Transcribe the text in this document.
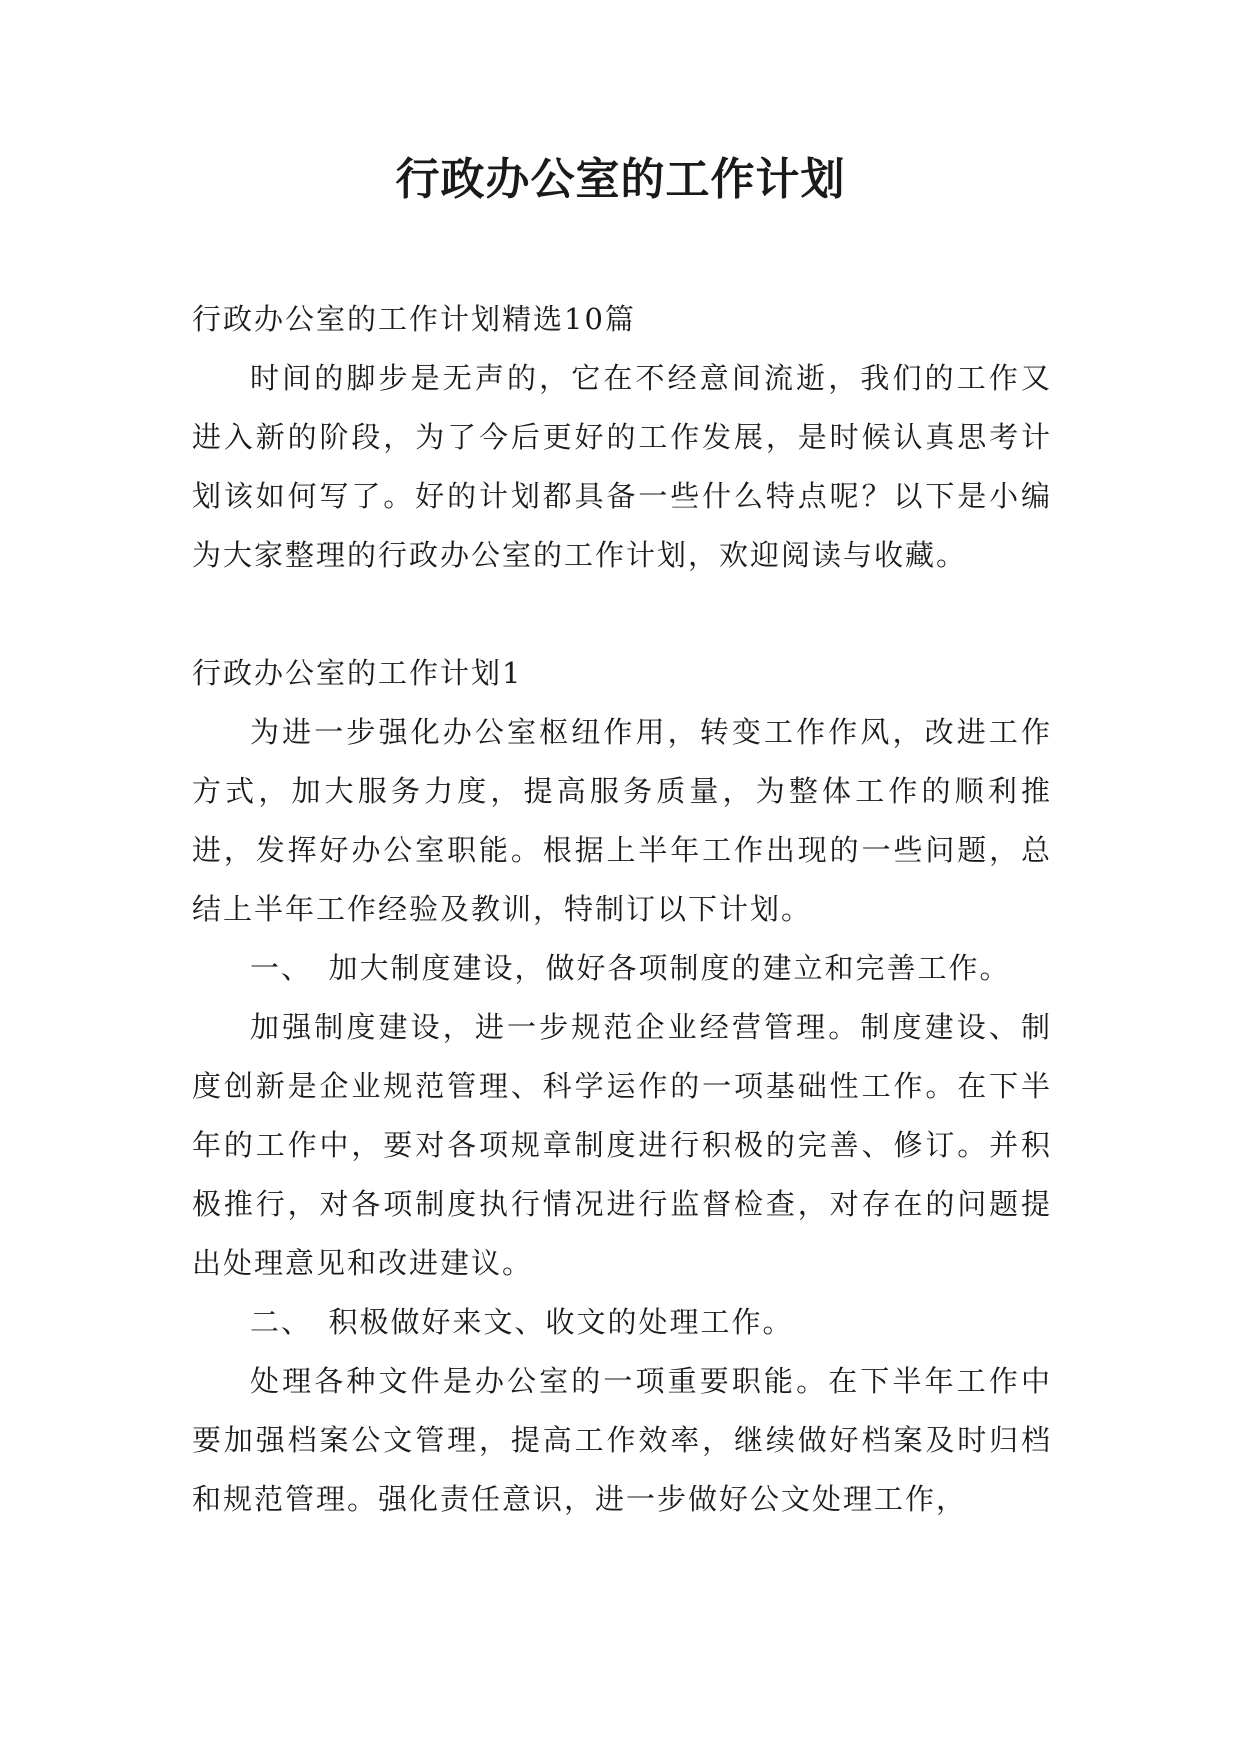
行政办公室的工作计划

行政办公室的工作计划精选10篇

时间的脚步是无声的，它在不经意间流逝，我们的工作又进入新的阶段，为了今后更好的工作发展，是时候认真思考计划该如何写了。好的计划都具备一些什么特点呢？以下是小编为大家整理的行政办公室的工作计划，欢迎阅读与收藏。

行政办公室的工作计划1

为进一步强化办公室枢纽作用，转变工作作风，改进工作方式，加大服务力度，提高服务质量，为整体工作的顺利推进，发挥好办公室职能。根据上半年工作出现的一些问题，总结上半年工作经验及教训，特制订以下计划。

一、　加大制度建设，做好各项制度的建立和完善工作。

加强制度建设，进一步规范企业经营管理。制度建设、制度创新是企业规范管理、科学运作的一项基础性工作。在下半年的工作中，要对各项规章制度进行积极的完善、修订。并积极推行，对各项制度执行情况进行监督检查，对存在的问题提出处理意见和改进建议。

二、　积极做好来文、收文的处理工作。

处理各种文件是办公室的一项重要职能。在下半年工作中要加强档案公文管理，提高工作效率，继续做好档案及时归档和规范管理。强化责任意识，进一步做好公文处理工作，
